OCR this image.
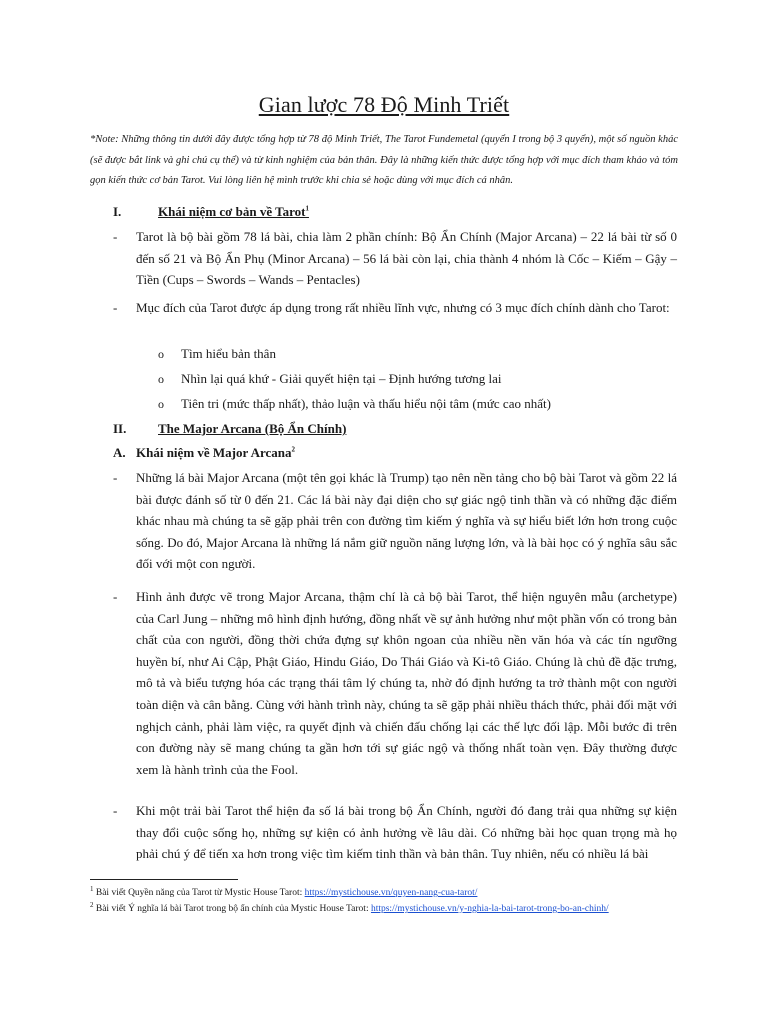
Gian lược 78 Độ Minh Triết
*Note: Những thông tin dưới đây được tổng hợp từ 78 độ Minh Triết, The Tarot Fundemetal (quyển I trong bộ 3 quyển), một số nguồn khác (sẽ được bắt link và ghi chú cụ thể) và từ kinh nghiệm của bản thân. Đây là những kiến thức được tổng hợp với mục đích tham khảo và tóm gọn kiến thức cơ bản Tarot. Vui lòng liên hệ mình trước khi chia sẻ hoặc dùng với mục đích cá nhân.
I.	Khái niệm cơ bản về Tarot$^1$
- Tarot là bộ bài gồm 78 lá bài, chia làm 2 phần chính: Bộ Ẩn Chính (Major Arcana) – 22 lá bài từ số 0 đến số 21 và Bộ Ẩn Phụ (Minor Arcana) – 56 lá bài còn lại, chia thành 4 nhóm là Cốc – Kiếm – Gậy – Tiền (Cups – Swords – Wands – Pentacles)
- Mục đích của Tarot được áp dụng trong rất nhiều lĩnh vực, nhưng có 3 mục đích chính dành cho Tarot:
o Tìm hiểu bản thân
o Nhìn lại quá khứ - Giải quyết hiện tại – Định hướng tương lai
o Tiên tri (mức thấp nhất), thảo luận và thấu hiểu nội tâm (mức cao nhất)
II. The Major Arcana (Bộ Ẩn Chính)
A. Khái niệm về Major Arcana$^2$
- Những lá bài Major Arcana (một tên gọi khác là Trump) tạo nên nền tảng cho bộ bài Tarot và gồm 22 lá bài được đánh số từ 0 đến 21. Các lá bài này đại diện cho sự giác ngộ tinh thần và có những đặc điểm khác nhau mà chúng ta sẽ gặp phải trên con đường tìm kiếm ý nghĩa và sự hiểu biết lớn hơn trong cuộc sống. Do đó, Major Arcana là những lá nắm giữ nguồn năng lượng lớn, và là bài học có ý nghĩa sâu sắc đối với một con người.
- Hình ảnh được vẽ trong Major Arcana, thậm chí là cả bộ bài Tarot, thể hiện nguyên mẫu (archetype) của Carl Jung – những mô hình định hướng, đồng nhất về sự ảnh hưởng như một phần vốn có trong bản chất của con người, đồng thời chứa đựng sự khôn ngoan của nhiều nền văn hóa và các tín ngưỡng huyền bí, như Ai Cập, Phật Giáo, Hindu Giáo, Do Thái Giáo và Ki-tô Giáo. Chúng là chủ đề đặc trưng, mô tả và biểu tượng hóa các trạng thái tâm lý chúng ta, nhờ đó định hướng ta trở thành một con người toàn diện và cân bằng. Cùng với hành trình này, chúng ta sẽ gặp phải nhiều thách thức, phải đối mặt với nghịch cảnh, phải làm việc, ra quyết định và chiến đấu chống lại các thế lực đối lập. Mỗi bước đi trên con đường này sẽ mang chúng ta gần hơn tới sự giác ngộ và thống nhất toàn vẹn. Đây thường được xem là hành trình của the Fool.
- Khi một trải bài Tarot thể hiện đa số lá bài trong bộ Ẩn Chính, người đó đang trải qua những sự kiện thay đổi cuộc sống họ, những sự kiện có ảnh hưởng về lâu dài. Có những bài học quan trọng mà họ phải chú ý để tiến xa hơn trong việc tìm kiếm tinh thần và bản thân. Tuy nhiên, nếu có nhiều lá bài
$^1$ Bài viết Quyền năng của Tarot từ Mystic House Tarot: https://mystichouse.vn/quyen-nang-cua-tarot/
$^2$ Bài viết Ý nghĩa lá bài Tarot trong bộ ẩn chính của Mystic House Tarot: https://mystichouse.vn/y-nghia-la-bai-tarot-trong-bo-an-chinh/
